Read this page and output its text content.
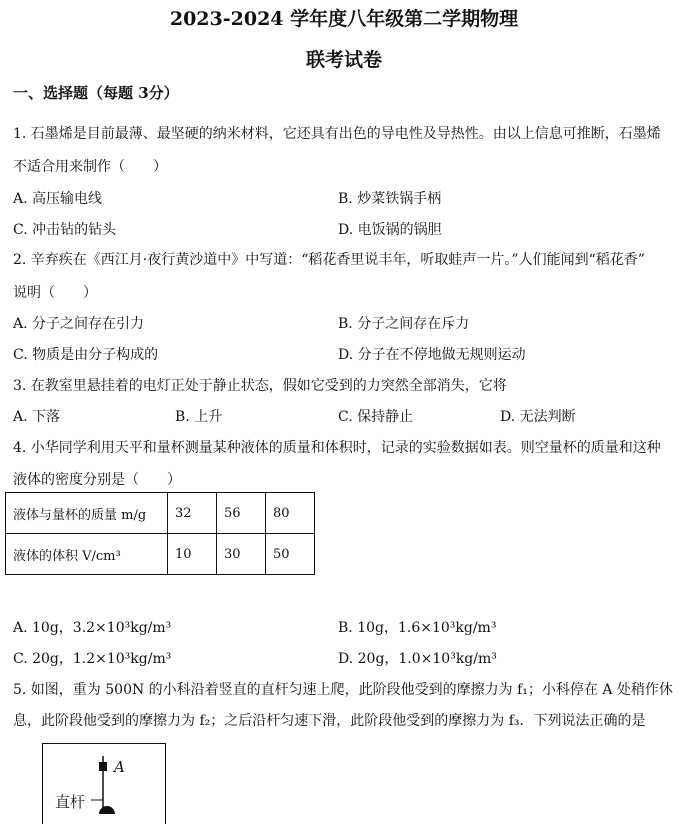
2023-2024 学年度八年级第二学期物理
联考试卷
一、选择题（每题 3分）
1. 石墨烯是目前最薄、最坚硬的纳米材料，它还具有出色的导电性及导热性。由以上信息可推断，石墨烯
不适合用来制作（　　）
A. 高压输电线	B. 炒菜铁锅手柄
C. 冲击钻的钻头	D. 电饭锅的锅胆
2. 辛弃疾在《西江月·夜行黄沙道中》中写道：“稻花香里说丰年，听取蛙声一片。”人们能闻到“稻花香”
说明（　　）
A. 分子之间存在引力	B. 分子之间存在斥力
C. 物质是由分子构成的	D. 分子在不停地做无规则运动
3. 在教室里悬挂着的电灯正处于静止状态，假如它受到的力突然全部消失，它将
A. 下落	B. 上升	C. 保持静止	D. 无法判断
4. 小华同学利用天平和量杯测量某种液体的质量和体积时，记录的实验数据如表。则空量杯的质量和这种
液体的密度分别是（　　）
液体与量杯的质量 m/g	32	56	80
液体的体积 V/cm³	10	30	50
A. 10g，3.2×10³kg/m³	B. 10g，1.6×10³kg/m³
C. 20g，1.2×10³kg/m³	D. 20g，1.0×10³kg/m³
5. 如图，重为 500N 的小科沿着竖直的直杆匀速上爬，此阶段他受到的摩擦力为 f₁；小科停在 A 处稍作休
息，此阶段他受到的摩擦力为 f₂；之后沿杆匀速下滑，此阶段他受到的摩擦力为 f₃．下列说法正确的是
A
直杆
